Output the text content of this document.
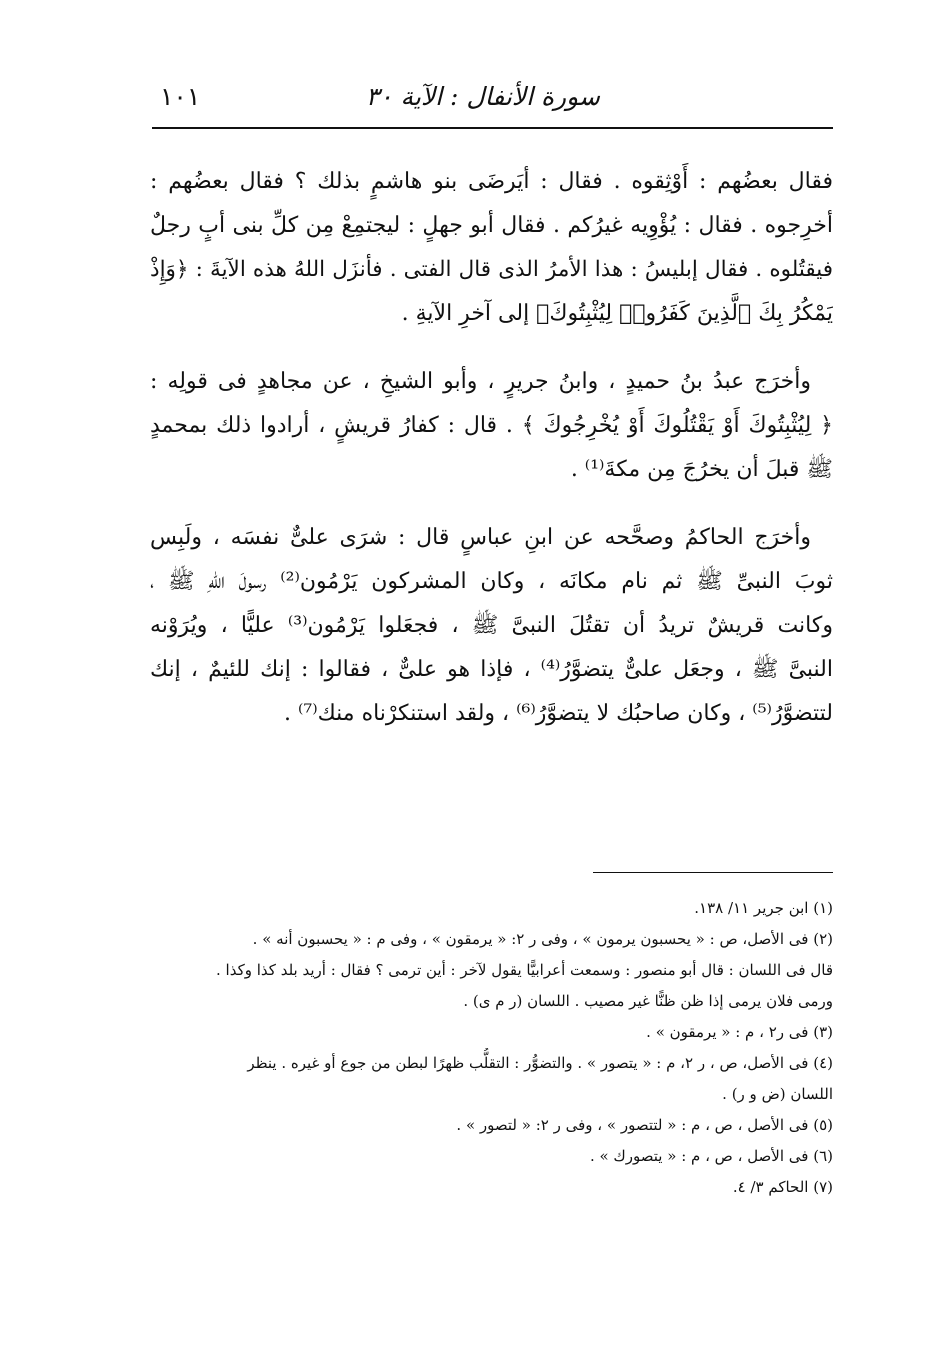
سورة الأنفال : الآية ٣٠
١٠١
فقال بعضُهم : أَوْثِقوه . فقال : أيَرضَى بنو هاشمٍ بذلك ؟ فقال بعضُهم :
أخرِجوه . فقال : يُؤْوِيه غيرُكم . فقال أبو جهلٍ : ليجتمِعْ مِن كلِّ بنى أبٍ رجلٌ
فيقتُلوه . فقال إبليسُ : هذا الأمرُ الذى قال الفتى . فأنزَل اللهُ هذه الآيةَ : ﴿وَإِذْ
يَمْكُرُ بِكَ ٱلَّذِينَ كَفَرُوا۟ لِيُثْبِتُوكَ﴾ إلى آخرِ الآيةِ .
وأخرَج عبدُ بنُ حميدٍ ، وابنُ جريرٍ ، وأبو الشيخِ ، عن مجاهدٍ فى قولِه :
﴿ لِيُثْبِتُوكَ أَوْ يَقْتُلُوكَ أَوْ يُخْرِجُوكَ ﴾ . قال : كفارُ قريشٍ ، أرادوا ذلك بمحمدٍ
ﷺ قبلَ أن يخرُجَ مِن مكةَ⁽¹⁾ .
وأخرَج الحاكمُ وصحَّحه عن ابنِ عباسٍ قال : شرَى علىٌّ نفسَه ، ولَبِس
ثوبَ النبىِّ ﷺ ثم نام مكانَه ، وكان المشركون يَرْمُون⁽²⁾ رسولَ اللهِ ﷺ ،
وكانت قريشٌ تريدُ أن تقتُلَ النبىَّ ﷺ ، فجعَلوا يَرْمُون⁽³⁾ عليًّا ، ويُرَوْنه
النبىَّ ﷺ ، وجعَل علىٌّ يتضوَّرُ⁽⁴⁾ ، فإذا هو علىٌّ ، فقالوا : إنك للئيمٌ ، إنك
لتتضوَّرُ⁽⁵⁾ ، وكان صاحبُك لا يتضوَّرُ⁽⁶⁾ ، ولقد استنكرْناه منك⁽⁷⁾ .
(١) ابن جرير ١١/ ١٣٨.
(٢) فى الأصل، ص : « يحسبون يرمون » ، وفى ر ٢: « يرمقون » ، وفى م : « يحسبون أنه » .
قال فى اللسان : قال أبو منصور : وسمعت أعرابيًّا يقول لآخر : أين ترمى ؟ فقال : أريد بلد كذا وكذا .
ورمى فلان يرمى إذا ظن ظنًّا غير مصيب . اللسان (ر م ى) .
(٣) فى ر٢ ، م : « يرمقون » .
(٤) فى الأصل، ص ، ر ٢، م : « يتصور » . والتضوُّر : التقلُّب ظهرًا لبطن من جوع أو غيره . ينظر
اللسان (ض و ر) .
(٥) فى الأصل ، ص ، م : « لتتصور » ، وفى ر ٢: « لتصور » .
(٦) فى الأصل ، ص ، م : « يتصورك » .
(٧) الحاكم ٣/ ٤.
